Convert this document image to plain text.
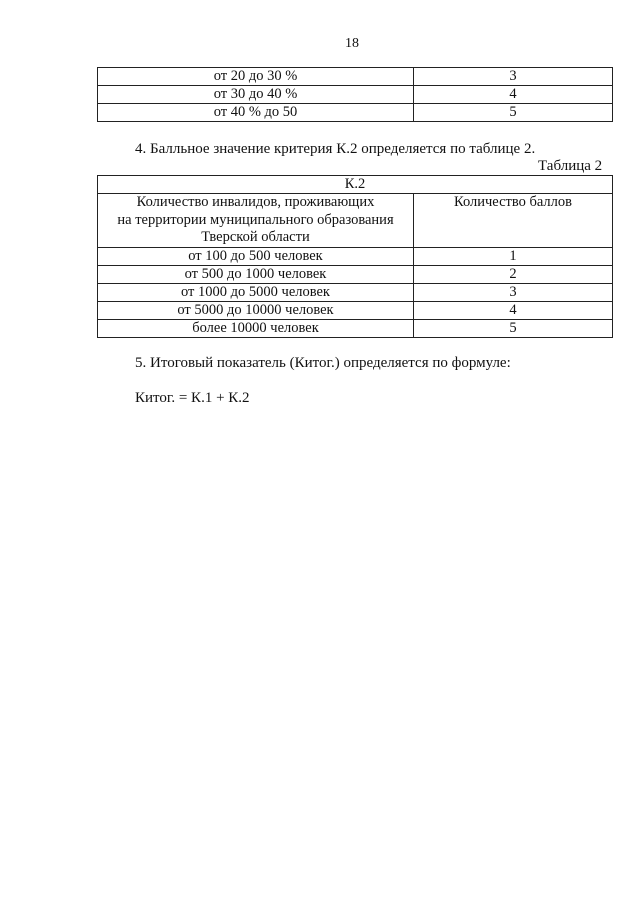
18
от 20 до 30 %	3
от 30 до 40 %	4
от 40 % до 50	5
4. Балльное значение критерия К.2 определяется по таблице 2.
Таблица 2
К.2	

Количество инвалидов, проживающих
на территории муниципального образования
Тверской области	Количество баллов
от 100 до 500 человек	1
от 500 до 1000 человек	2
от 1000 до 5000 человек	3
от 5000 до 10000 человек	4
более 10000 человек	5
5. Итоговый показатель (Китог.) определяется по формуле:
Китог. = К.1 + К.2
